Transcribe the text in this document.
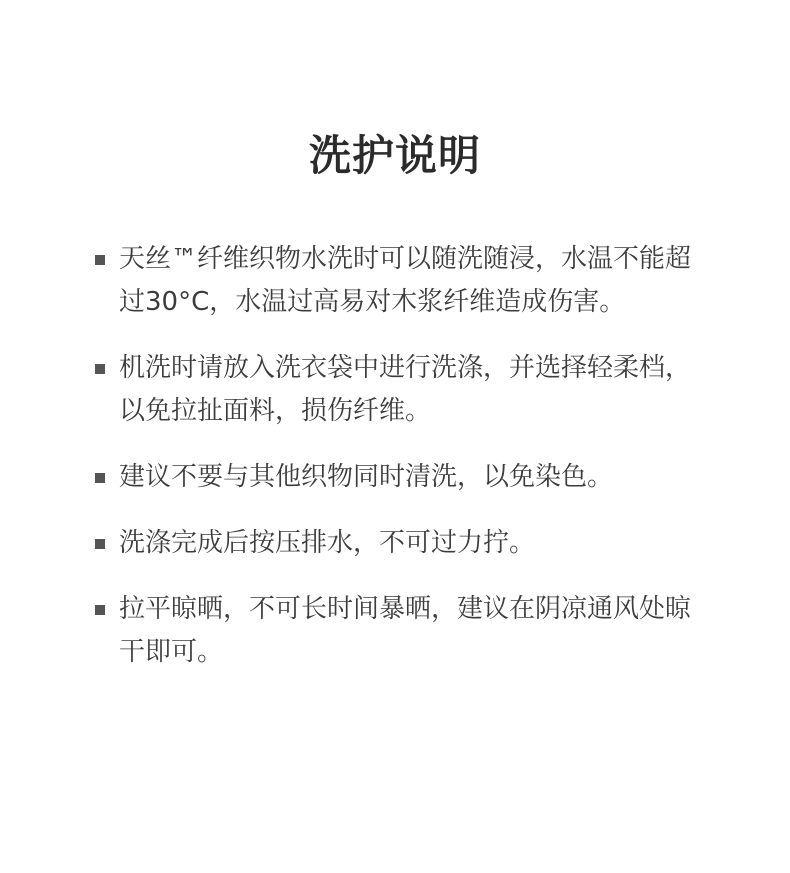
洗护说明
天丝™纤维织物水洗时可以随洗随浸，水温不能超过30°C，水温过高易对木浆纤维造成伤害。
机洗时请放入洗衣袋中进行洗涤，并选择轻柔档，以免拉扯面料，损伤纤维。
建议不要与其他织物同时清洗，以免染色。
洗涤完成后按压排水，不可过力拧。
拉平晾晒，不可长时间暴晒，建议在阴凉通风处晾干即可。
